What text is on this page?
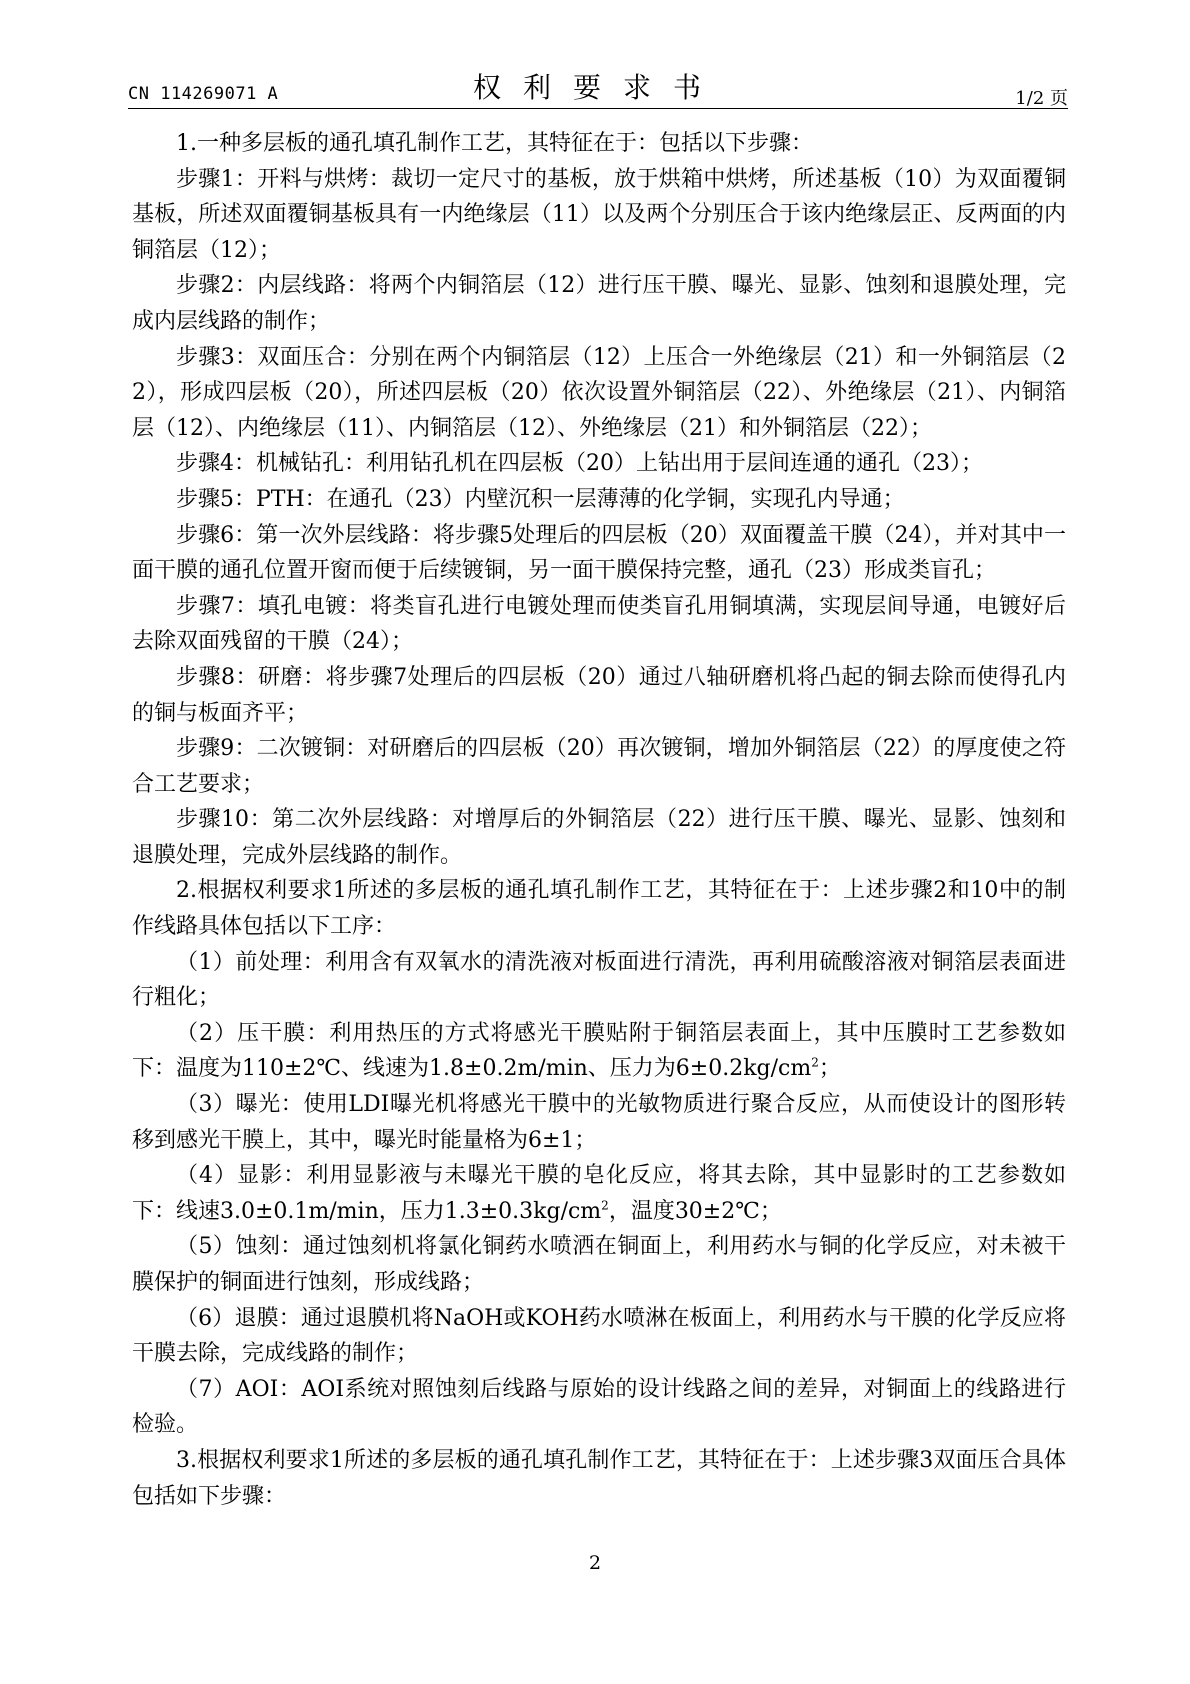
CN 114269071 A	权利要求书	1/2 页

1.一种多层板的通孔填孔制作工艺，其特征在于：包括以下步骤：

步骤1：开料与烘烤：裁切一定尺寸的基板，放于烘箱中烘烤，所述基板（10）为双面覆铜基板，所述双面覆铜基板具有一内绝缘层（11）以及两个分别压合于该内绝缘层正、反两面的内铜箔层（12）；

步骤2：内层线路：将两个内铜箔层（12）进行压干膜、曝光、显影、蚀刻和退膜处理，完成内层线路的制作；

步骤3：双面压合：分别在两个内铜箔层（12）上压合一外绝缘层（21）和一外铜箔层（22），形成四层板（20），所述四层板（20）依次设置外铜箔层（22）、外绝缘层（21）、内铜箔层（12）、内绝缘层（11）、内铜箔层（12）、外绝缘层（21）和外铜箔层（22）；

步骤4：机械钻孔：利用钻孔机在四层板（20）上钻出用于层间连通的通孔（23）；

步骤5：PTH：在通孔（23）内壁沉积一层薄薄的化学铜，实现孔内导通；

步骤6：第一次外层线路：将步骤5处理后的四层板（20）双面覆盖干膜（24），并对其中一面干膜的通孔位置开窗而便于后续镀铜，另一面干膜保持完整，通孔（23）形成类盲孔；

步骤7：填孔电镀：将类盲孔进行电镀处理而使类盲孔用铜填满，实现层间导通，电镀好后去除双面残留的干膜（24）；

步骤8：研磨：将步骤7处理后的四层板（20）通过八轴研磨机将凸起的铜去除而使得孔内的铜与板面齐平；

步骤9：二次镀铜：对研磨后的四层板（20）再次镀铜，增加外铜箔层（22）的厚度使之符合工艺要求；

步骤10：第二次外层线路：对增厚后的外铜箔层（22）进行压干膜、曝光、显影、蚀刻和退膜处理，完成外层线路的制作。

2.根据权利要求1所述的多层板的通孔填孔制作工艺，其特征在于：上述步骤2和10中的制作线路具体包括以下工序：

（1）前处理：利用含有双氧水的清洗液对板面进行清洗，再利用硫酸溶液对铜箔层表面进行粗化；

（2）压干膜：利用热压的方式将感光干膜贴附于铜箔层表面上，其中压膜时工艺参数如下：温度为110±2℃、线速为1.8±0.2m/min、压力为$6\pm 0.2kg/cm^2$；

（3）曝光：使用LDI曝光机将感光干膜中的光敏物质进行聚合反应，从而使设计的图形转移到感光干膜上，其中，曝光时能量格为6±1；

（4）显影：利用显影液与未曝光干膜的皂化反应，将其去除，其中显影时的工艺参数如下：线速3.0±0.1m/min，压力$1.3\pm 0.3kg/cm^2$，温度30±2℃；

（5）蚀刻：通过蚀刻机将氯化铜药水喷洒在铜面上，利用药水与铜的化学反应，对未被干膜保护的铜面进行蚀刻，形成线路；

（6）退膜：通过退膜机将NaOH或KOH药水喷淋在板面上，利用药水与干膜的化学反应将干膜去除，完成线路的制作；

（7）AOI：AOI系统对照蚀刻后线路与原始的设计线路之间的差异，对铜面上的线路进行检验。

3.根据权利要求1所述的多层板的通孔填孔制作工艺，其特征在于：上述步骤3双面压合具体包括如下步骤：

2
